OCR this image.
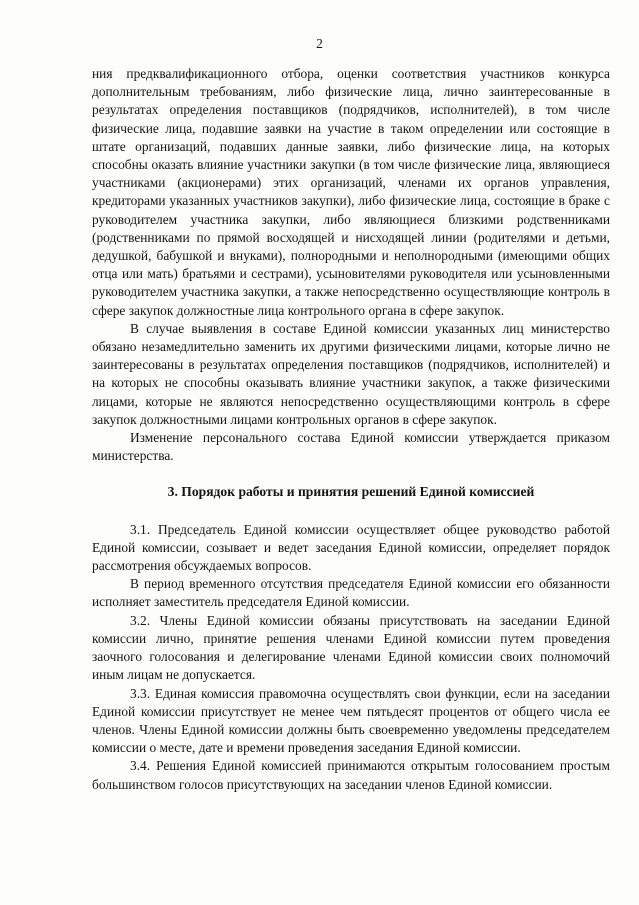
2

ния предквалификационного отбора, оценки соответствия участников конкурса дополнительным требованиям, либо физические лица, лично заинтересованные в результатах определения поставщиков (подрядчиков, исполнителей), в том числе физические лица, подавшие заявки на участие в таком определении или состоящие в штате организаций, подавших данные заявки, либо физические лица, на которых способны оказать влияние участники закупки (в том числе физические лица, являющиеся участниками (акционерами) этих организаций, членами их органов управления, кредиторами указанных участников закупки), либо физические лица, состоящие в браке с руководителем участника закупки, либо являющиеся близкими родственниками (родственниками по прямой восходящей и нисходящей линии (родителями и детьми, дедушкой, бабушкой и внуками), полнородными и неполнородными (имеющими общих отца или мать) братьями и сестрами), усыновителями руководителя или усыновленными руководителем участника закупки, а также непосредственно осуществляющие контроль в сфере закупок должностные лица контрольного органа в сфере закупок.

В случае выявления в составе Единой комиссии указанных лиц министерство обязано незамедлительно заменить их другими физическими лицами, которые лично не заинтересованы в результатах определения поставщиков (подрядчиков, исполнителей) и на которых не способны оказывать влияние участники закупок, а также физическими лицами, которые не являются непосредственно осуществляющими контроль в сфере закупок должностными лицами контрольных органов в сфере закупок.

Изменение персонального состава Единой комиссии утверждается приказом министерства.

3. Порядок работы и принятия решений Единой комиссией

3.1. Председатель Единой комиссии осуществляет общее руководство работой Единой комиссии, созывает и ведет заседания Единой комиссии, определяет порядок рассмотрения обсуждаемых вопросов.

В период временного отсутствия председателя Единой комиссии его обязанности исполняет заместитель председателя Единой комиссии.

3.2. Члены Единой комиссии обязаны присутствовать на заседании Единой комиссии лично, принятие решения членами Единой комиссии путем проведения заочного голосования и делегирование членами Единой комиссии своих полномочий иным лицам не допускается.

3.3. Единая комиссия правомочна осуществлять свои функции, если на заседании Единой комиссии присутствует не менее чем пятьдесят процентов от общего числа ее членов. Члены Единой комиссии должны быть своевременно уведомлены председателем комиссии о месте, дате и времени проведения заседания Единой комиссии.

3.4. Решения Единой комиссией принимаются открытым голосованием простым большинством голосов присутствующих на заседании членов Единой комиссии.
